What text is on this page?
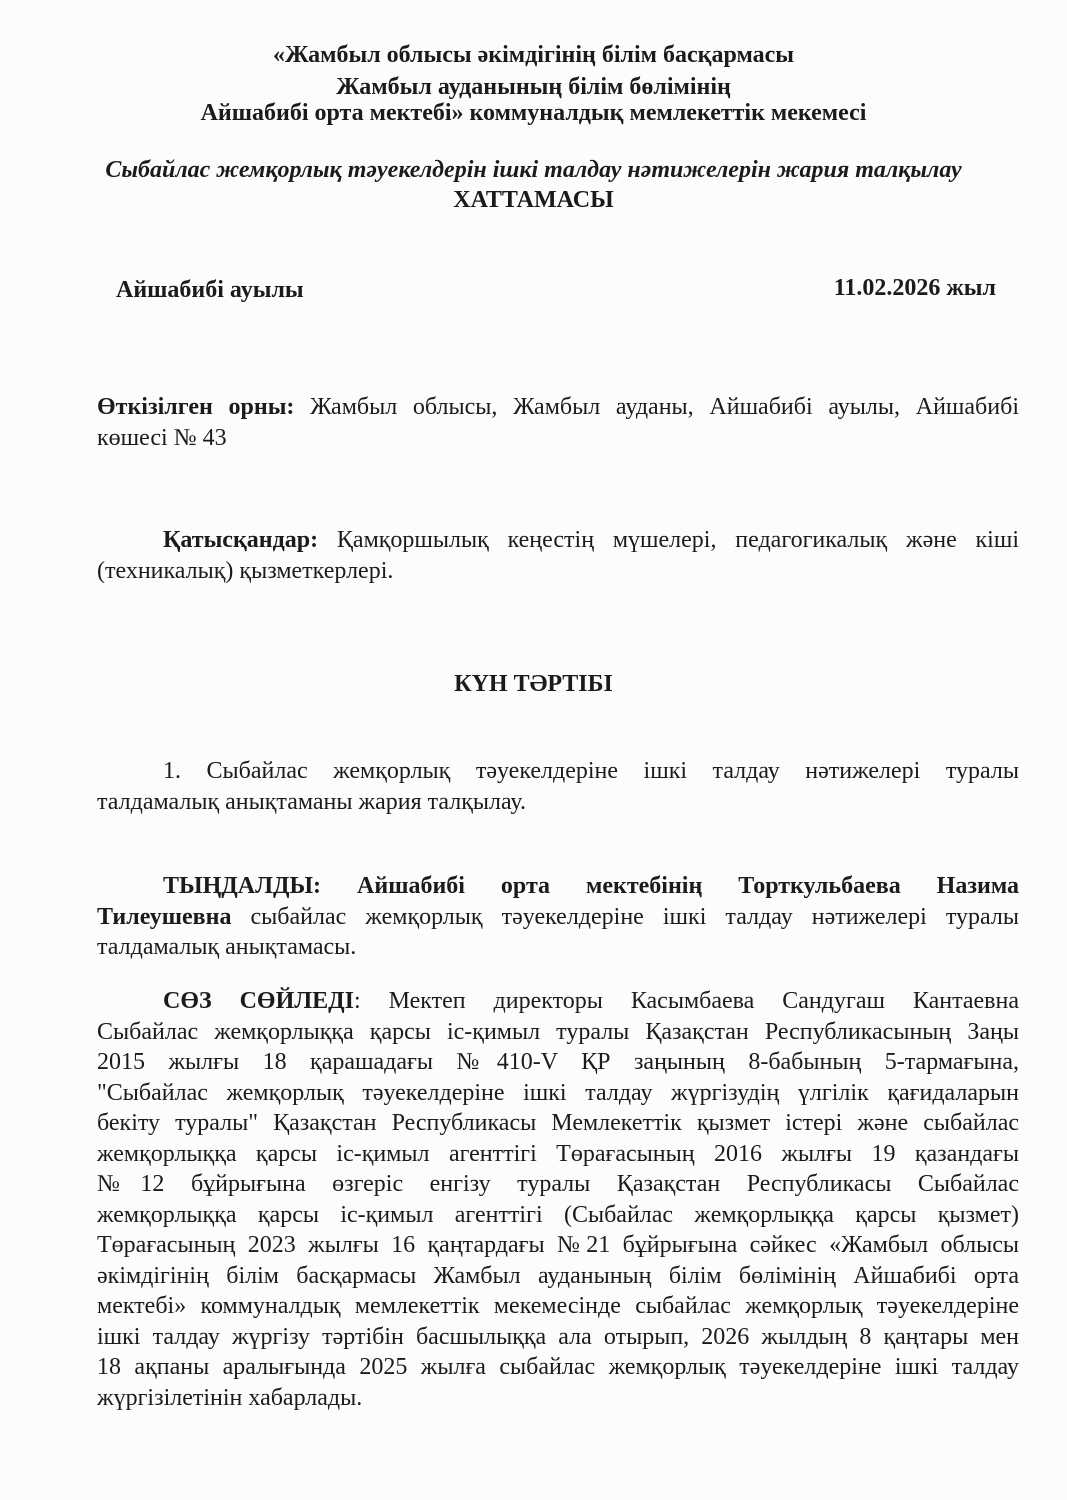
«Жамбыл облысы әкімдігінің білім басқармасы
Жамбыл ауданының білім бөлімінің
Айшабибі орта мектебі» коммуналдық мемлекеттік мекемесі
Сыбайлас жемқорлық тәуекелдерін ішкі талдау нәтижелерін жария талқылау
ХАТТАМАСЫ
Айшабибі ауылы	11.02.2026 жыл
Өткізілген орны: Жамбыл облысы, Жамбыл ауданы, Айшабибі ауылы, Айшабибі
көшесі № 43
Қатысқандар: Қамқоршылық кеңестің мүшелері, педагогикалық және кіші
(техникалық) қызметкерлері.
КҮН ТӘРТІБІ
1. Сыбайлас жемқорлық тәуекелдеріне ішкі талдау нәтижелері туралы
талдамалық анықтаманы жария талқылау.
ТЫҢДАЛДЫ: Айшабибі орта мектебінің Торткульбаева Назима
Тилеушевна сыбайлас жемқорлық тәуекелдеріне ішкі талдау нәтижелері туралы
талдамалық анықтамасы.
СӨЗ СӨЙЛЕДІ: Мектеп директоры Касымбаева Сандугаш Кантаевна
Сыбайлас жемқорлыққа қарсы іс-қимыл туралы Қазақстан Республикасының Заңы
2015 жылғы 18 қарашадағы №410-V ҚР заңының 8-бабының 5-тармағына,
"Сыбайлас жемқорлық тәуекелдеріне ішкі талдау жүргізудің үлгілік қағидаларын
бекіту туралы" Қазақстан Республикасы Мемлекеттік қызмет істері және сыбайлас
жемқорлыққа қарсы іс-қимыл агенттігі Төрағасының 2016 жылғы 19 қазандағы
№12 бұйрығына өзгеріс енгізу туралы Қазақстан Республикасы Сыбайлас
жемқорлыққа қарсы іс-қимыл агенттігі (Сыбайлас жемқорлыққа қарсы қызмет)
Төрағасының 2023 жылғы 16 қаңтардағы №21 бұйрығына сәйкес «Жамбыл облысы
әкімдігінің білім басқармасы Жамбыл ауданының білім бөлімінің Айшабибі орта
мектебі» коммуналдық мемлекеттік мекемесінде сыбайлас жемқорлық тәуекелдеріне
ішкі талдау жүргізу тәртібін басшылыққа ала отырып, 2026 жылдың 8 қаңтары мен
18 ақпаны аралығында 2025 жылға сыбайлас жемқорлық тәуекелдеріне ішкі талдау
жүргізілетінін хабарлады.
